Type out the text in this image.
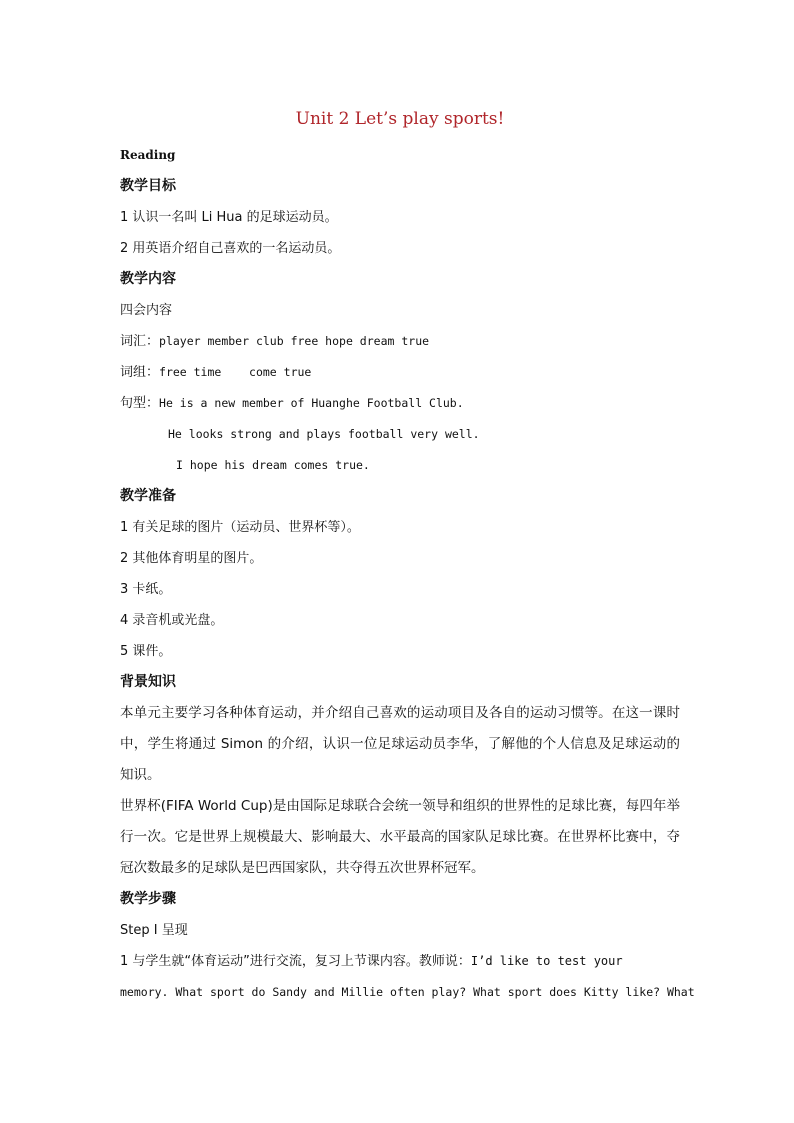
Unit 2 Let’s play sports!
Reading
教学目标
1 认识一名叫 Li Hua 的足球运动员。
2 用英语介绍自己喜欢的一名运动员。
教学内容
四会内容
词汇：player member club free hope dream true
词组：free time    come true
句型：He is a new member of Huanghe Football Club.
He looks strong and plays football very well.
I hope his dream comes true.
教学准备
1 有关足球的图片（运动员、世界杯等）。
2 其他体育明星的图片。
3 卡纸。
4 录音机或光盘。
5 课件。
背景知识
本单元主要学习各种体育运动，并介绍自己喜欢的运动项目及各自的运动习惯等。在这一课时中，学生将通过 Simon 的介绍，认识一位足球运动员李华，了解他的个人信息及足球运动的知识。
世界杯(FIFA World Cup)是由国际足球联合会统一领导和组织的世界性的足球比赛，每四年举行一次。它是世界上规模最大、影响最大、水平最高的国家队足球比赛。在世界杯比赛中，夺冠次数最多的足球队是巴西国家队，共夺得五次世界杯冠军。
教学步骤
Step I 呈现
1 与学生就“体育运动”进行交流，复习上节课内容。教师说：I’d like to test your
memory. What sport do Sandy and Millie often play? What sport does Kitty like? What
